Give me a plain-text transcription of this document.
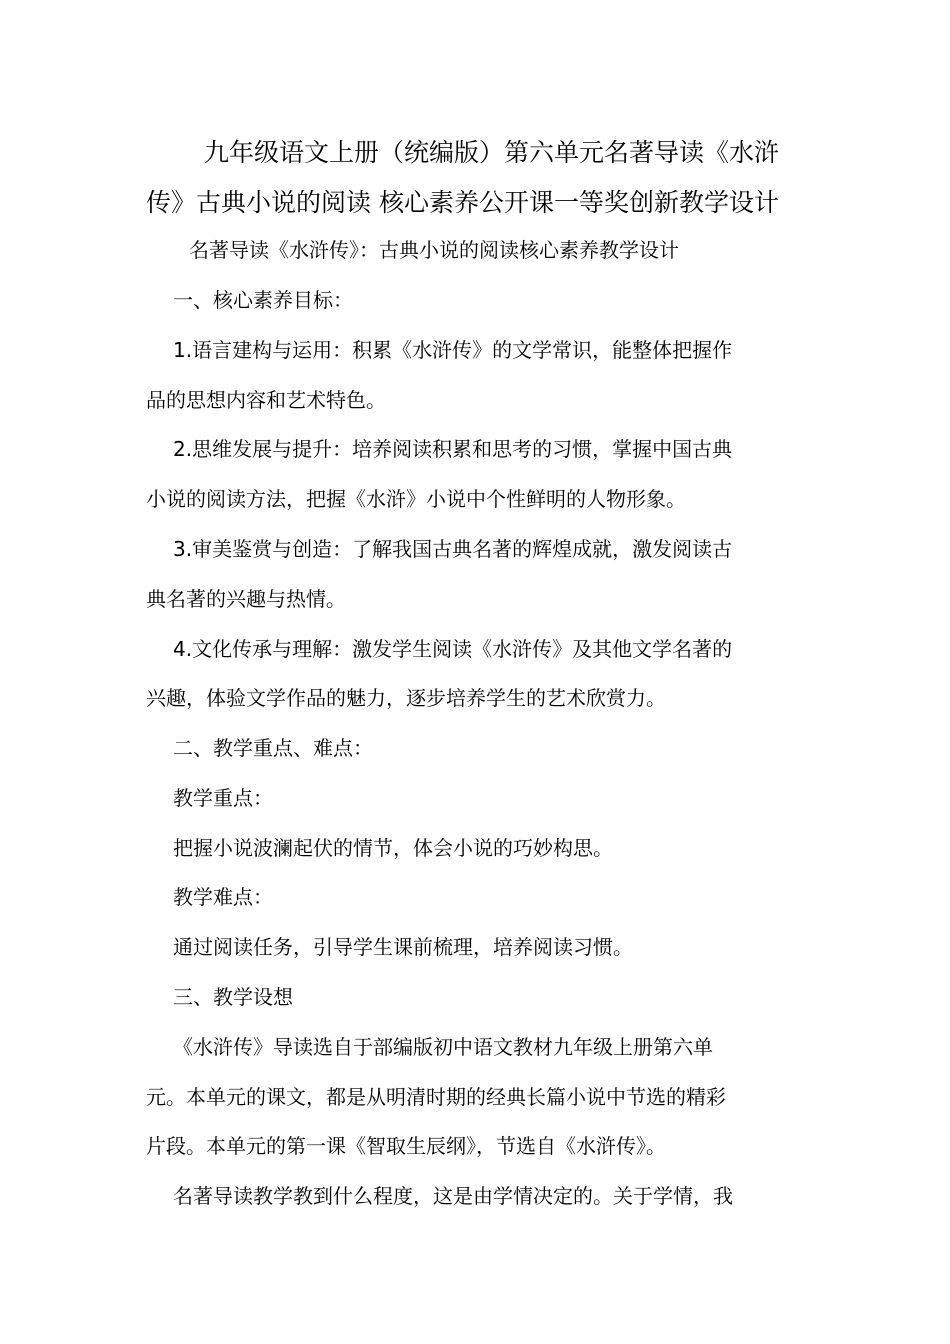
九年级语文上册（统编版）第六单元名著导读《水浒
传》古典小说的阅读 核心素养公开课一等奖创新教学设计
名著导读《水浒传》：古典小说的阅读核心素养教学设计
一、核心素养目标：
1.语言建构与运用：积累《水浒传》的文学常识，能整体把握作
品的思想内容和艺术特色。
2.思维发展与提升：培养阅读积累和思考的习惯，掌握中国古典
小说的阅读方法，把握《水浒》小说中个性鲜明的人物形象。
3.审美鉴赏与创造：了解我国古典名著的辉煌成就，激发阅读古
典名著的兴趣与热情。
4.文化传承与理解：激发学生阅读《水浒传》及其他文学名著的
兴趣，体验文学作品的魅力，逐步培养学生的艺术欣赏力。
二、教学重点、难点：
教学重点：
把握小说波澜起伏的情节，体会小说的巧妙构思。
教学难点：
通过阅读任务，引导学生课前梳理，培养阅读习惯。
三、教学设想
《水浒传》导读选自于部编版初中语文教材九年级上册第六单
元。本单元的课文，都是从明清时期的经典长篇小说中节选的精彩
片段。本单元的第一课《智取生辰纲》，节选自《水浒传》。
名著导读教学教到什么程度，这是由学情决定的。关于学情，我
